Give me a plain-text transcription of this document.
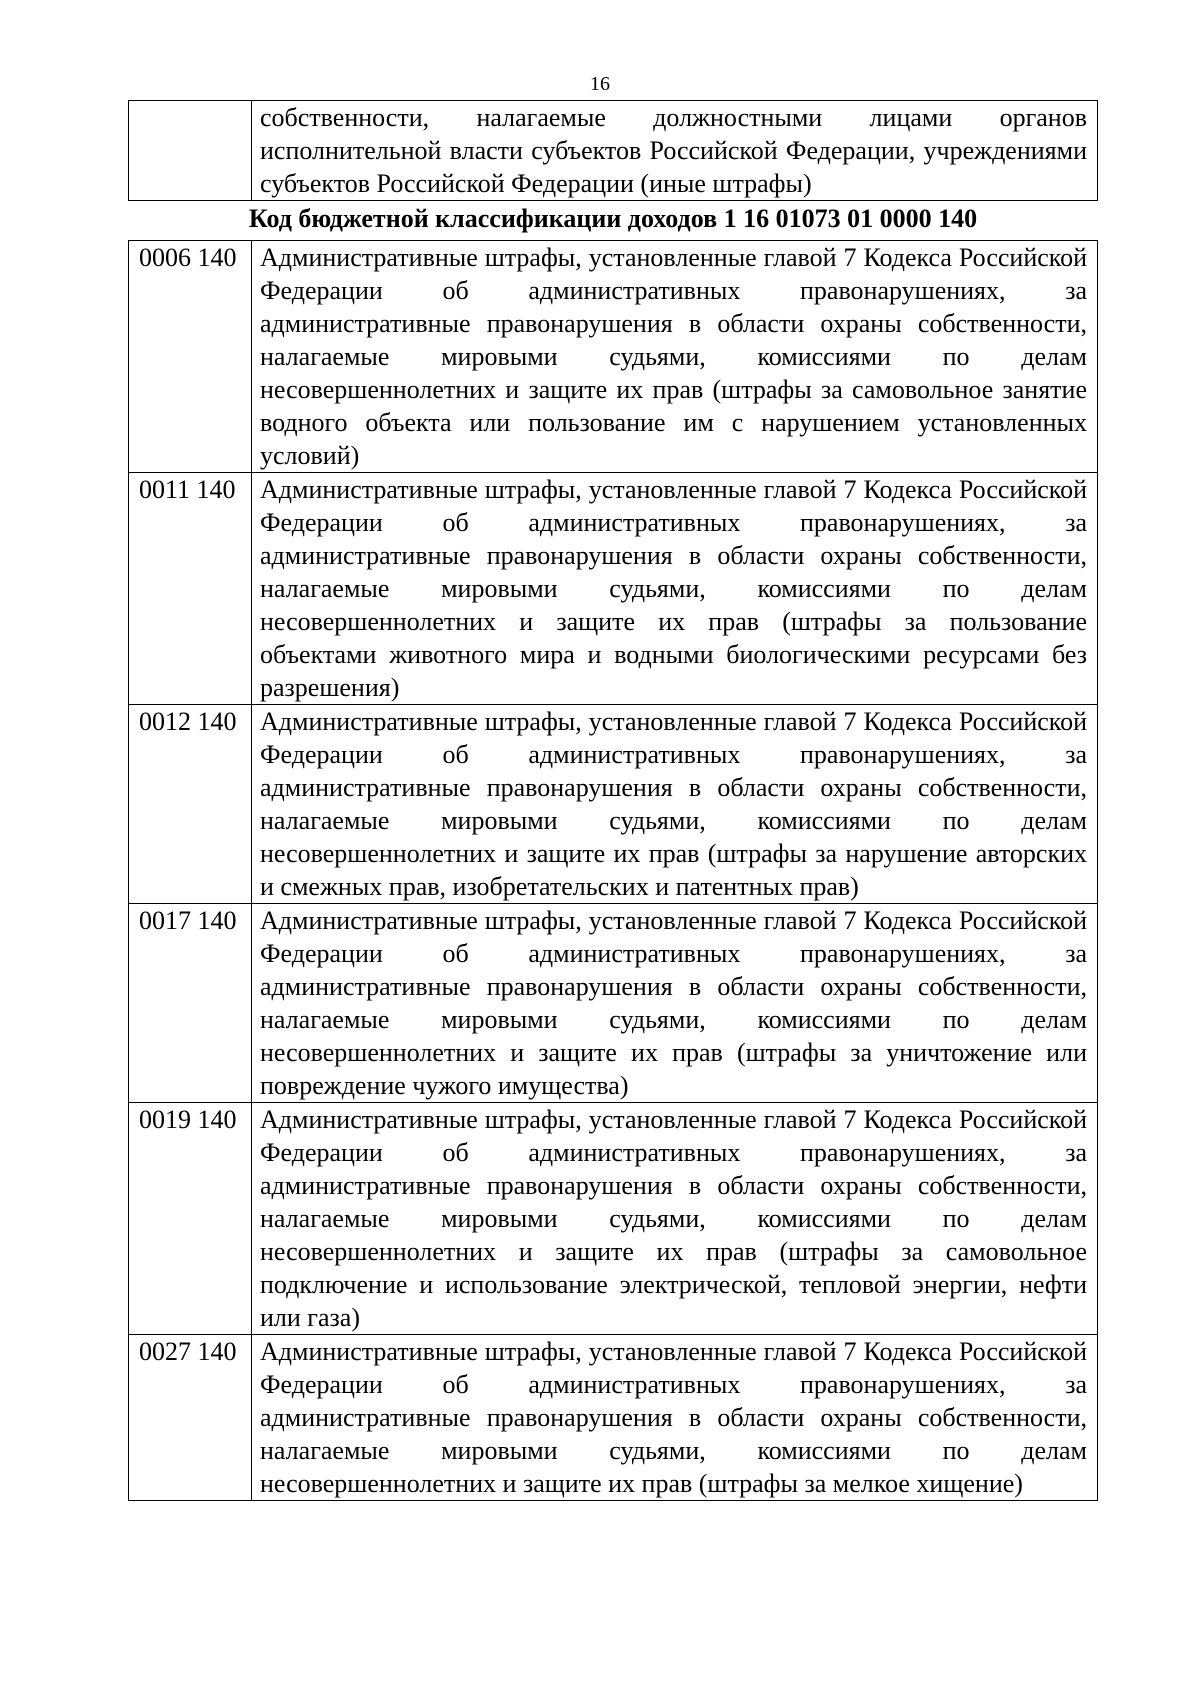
16
	собственности, налагаемые должностными лицами органов исполнительной власти субъектов Российской Федерации, учреждениями субъектов Российской Федерации (иные штрафы)
Код бюджетной классификации доходов 1 16 01073 01 0000 140
0006 140	Административные штрафы, установленные главой 7 Кодекса Российской Федерации об административных правонарушениях, за административные правонарушения в области охраны собственности, налагаемые мировыми судьями, комиссиями по делам несовершеннолетних и защите их прав (штрафы за самовольное занятие водного объекта или пользование им с нарушением установленных условий)
0011 140	Административные штрафы, установленные главой 7 Кодекса Российской Федерации об административных правонарушениях, за административные правонарушения в области охраны собственности, налагаемые мировыми судьями, комиссиями по делам несовершеннолетних и защите их прав (штрафы за пользование объектами животного мира и водными биологическими ресурсами без разрешения)
0012 140	Административные штрафы, установленные главой 7 Кодекса Российской Федерации об административных правонарушениях, за административные правонарушения в области охраны собственности, налагаемые мировыми судьями, комиссиями по делам несовершеннолетних и защите их прав (штрафы за нарушение авторских и смежных прав, изобретательских и патентных прав)
0017 140	Административные штрафы, установленные главой 7 Кодекса Российской Федерации об административных правонарушениях, за административные правонарушения в области охраны собственности, налагаемые мировыми судьями, комиссиями по делам несовершеннолетних и защите их прав (штрафы за уничтожение или повреждение чужого имущества)
0019 140	Административные штрафы, установленные главой 7 Кодекса Российской Федерации об административных правонарушениях, за административные правонарушения в области охраны собственности, налагаемые мировыми судьями, комиссиями по делам несовершеннолетних и защите их прав (штрафы за самовольное подключение и использование электрической, тепловой энергии, нефти или газа)
0027 140	Административные штрафы, установленные главой 7 Кодекса Российской Федерации об административных правонарушениях, за административные правонарушения в области охраны собственности, налагаемые мировыми судьями, комиссиями по делам несовершеннолетних и защите их прав (штрафы за мелкое хищение)
